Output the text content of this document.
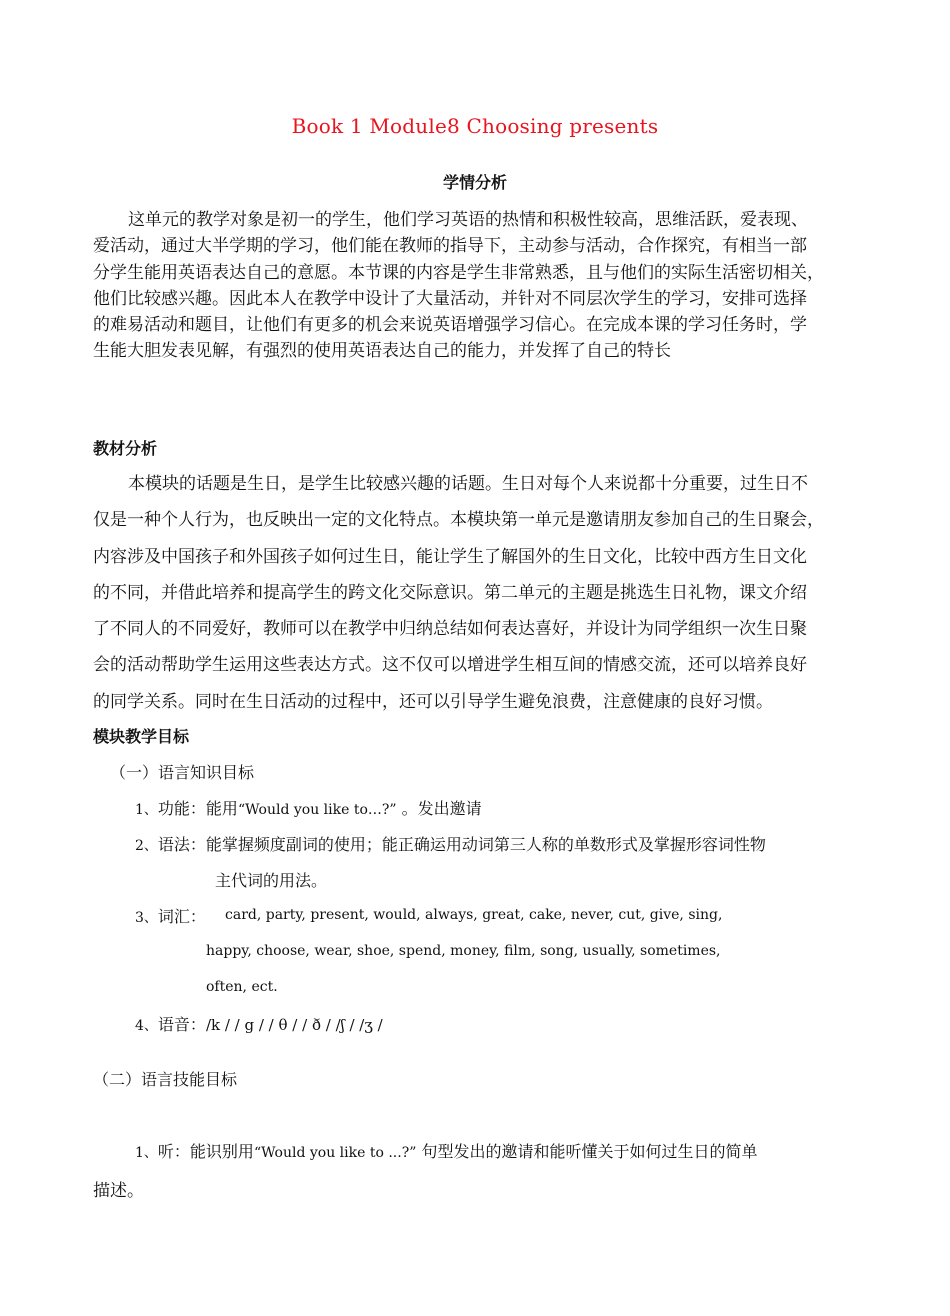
Book 1 Module8 Choosing presents
学情分析
这单元的教学对象是初一的学生，他们学习英语的热情和积极性较高，思维活跃，爱表现、
爱活动，通过大半学期的学习，他们能在教师的指导下，主动参与活动，合作探究，有相当一部
分学生能用英语表达自己的意愿。本节课的内容是学生非常熟悉，且与他们的实际生活密切相关，
他们比较感兴趣。因此本人在教学中设计了大量活动，并针对不同层次学生的学习，安排可选择
的难易活动和题目，让他们有更多的机会来说英语增强学习信心。在完成本课的学习任务时，学
生能大胆发表见解，有强烈的使用英语表达自己的能力，并发挥了自己的特长
教材分析
本模块的话题是生日，是学生比较感兴趣的话题。生日对每个人来说都十分重要，过生日不
仅是一种个人行为，也反映出一定的文化特点。本模块第一单元是邀请朋友参加自己的生日聚会，
内容涉及中国孩子和外国孩子如何过生日，能让学生了解国外的生日文化，比较中西方生日文化
的不同，并借此培养和提高学生的跨文化交际意识。第二单元的主题是挑选生日礼物，课文介绍
了不同人的不同爱好，教师可以在教学中归纳总结如何表达喜好，并设计为同学组织一次生日聚
会的活动帮助学生运用这些表达方式。这不仅可以增进学生相互间的情感交流，还可以培养良好
的同学关系。同时在生日活动的过程中，还可以引导学生避免浪费，注意健康的良好习惯。
模块教学目标
（一）语言知识目标
1、功能：能用“Would you like to…?” 。发出邀请
2、语法：能掌握频度副词的使用；能正确运用动词第三人称的单数形式及掌握形容词性物
主代词的用法。
3、词汇： card, party, present, would, always, great, cake, never, cut, give, sing,
happy, choose, wear, shoe, spend, money, film, song, usually, sometimes,
often, ect.
4、语音：/k / / g / / θ / / ð / /ʃ / /ʒ /
（二）语言技能目标
1、听：能识别用“Would you like to ...?” 句型发出的邀请和能听懂关于如何过生日的简单
描述。
